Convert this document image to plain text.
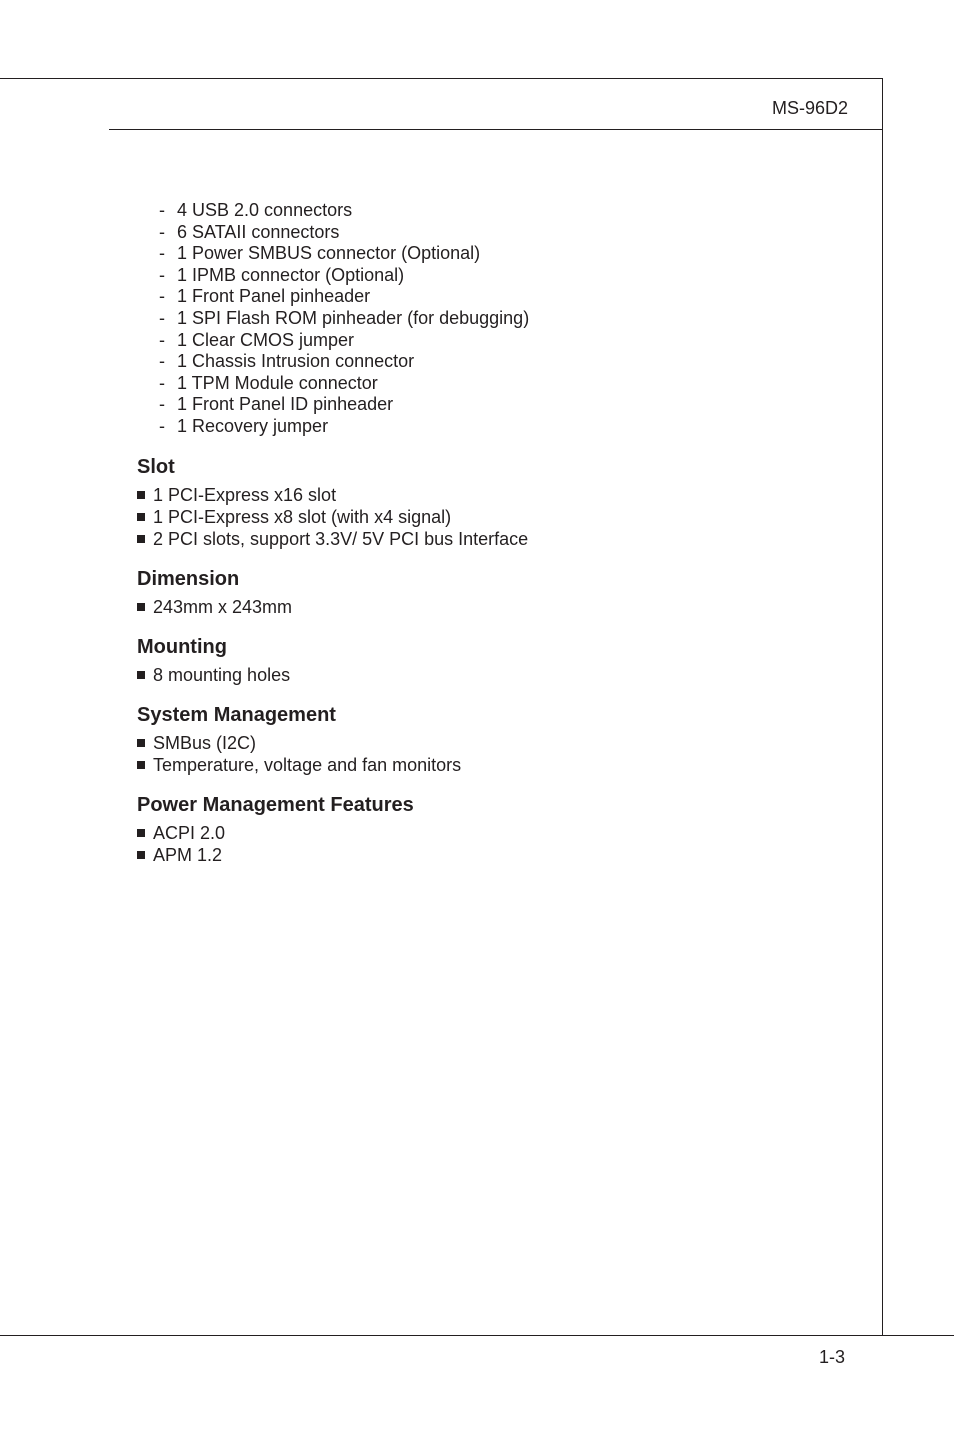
MS-96D2
- 4 USB 2.0 connectors
- 6 SATAII connectors
- 1 Power SMBUS connector (Optional)
- 1 IPMB connector (Optional)
- 1 Front Panel pinheader
- 1 SPI Flash ROM pinheader (for debugging)
- 1 Clear CMOS jumper
- 1 Chassis Intrusion connector
- 1 TPM Module connector
- 1 Front Panel ID pinheader
- 1 Recovery jumper
Slot
1 PCI-Express x16 slot
1 PCI-Express x8 slot (with x4 signal)
2 PCI slots, support 3.3V/ 5V PCI bus Interface
Dimension
243mm x 243mm
Mounting
8 mounting holes
System Management
SMBus (I2C)
Temperature, voltage and fan monitors
Power Management Features
ACPI 2.0
APM 1.2
1-3
